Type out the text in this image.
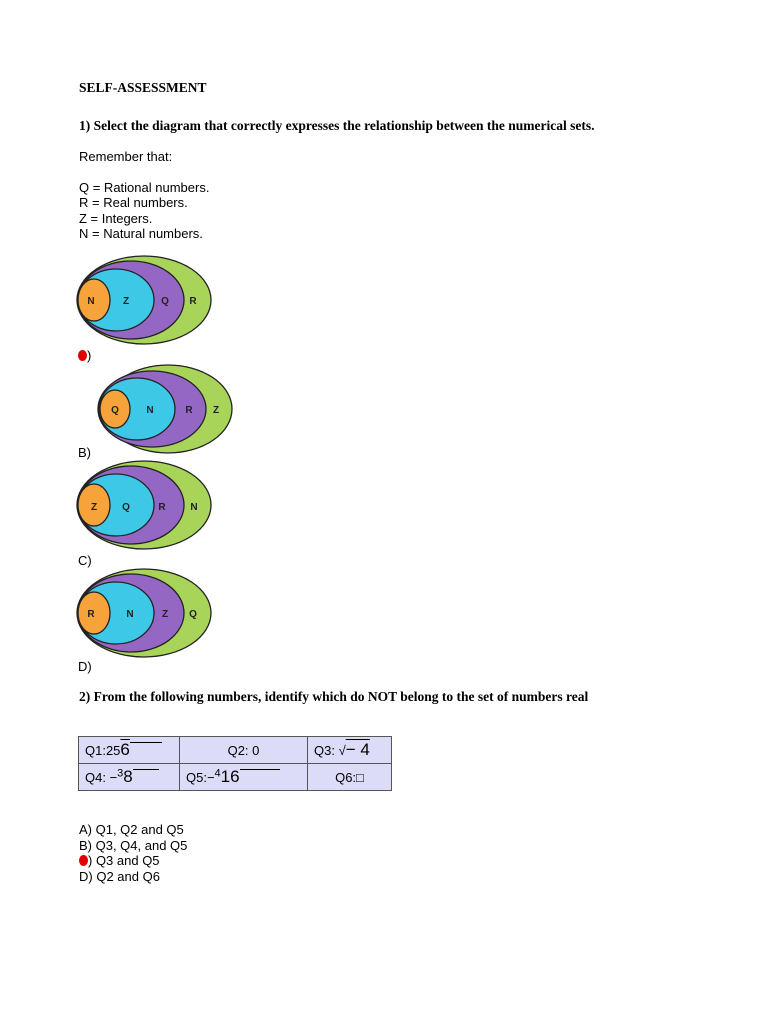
SELF-ASSESSMENT
1) Select the diagram that correctly expresses the relationship between the numerical sets.
Remember that:
Q = Rational numbers.
R = Real numbers.
Z = Integers.
N = Natural numbers.
N	Z	Q R
)
Q	N	R Z
B)
Z	Q	R N
C)
R	N	Z Q
D)
2) From the following numbers, identify which do NOT belong to the set of numbers real
Q1:256	Q2: 0	Q3: √− 4
Q4: −$^3$8	Q5:−$^4$16	Q6:□
A) Q1, Q2 and Q5
B) Q3, Q4, and Q5
) Q3 and Q5
D) Q2 and Q6
